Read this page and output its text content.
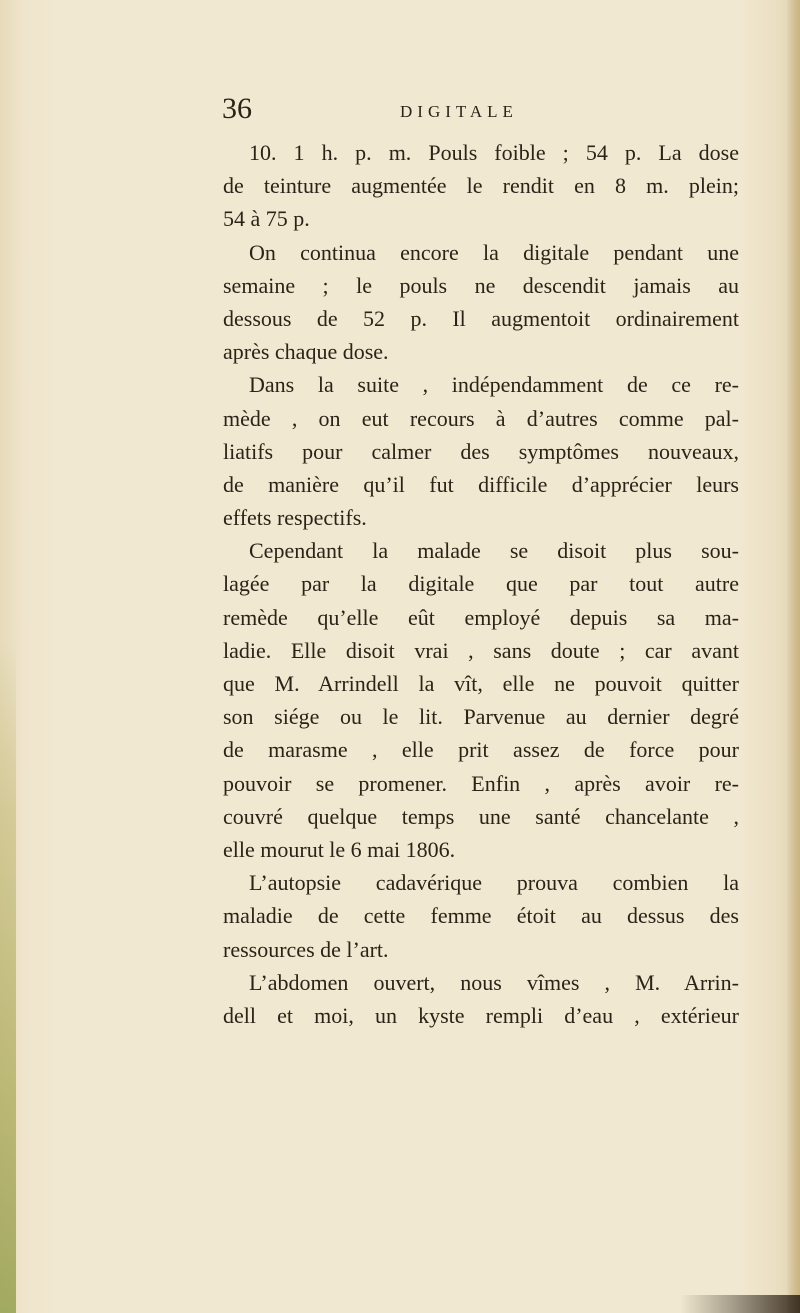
36	DIGITALE
10. 1 h. p. m. Pouls foible ; 54 p. La dose
de teinture augmentée le rendit en 8 m. plein;
54 à 75 p.
On continua encore la digitale pendant une
semaine ; le pouls ne descendit jamais au
dessous de 52 p. Il augmentoit ordinairement
après chaque dose.
Dans la suite , indépendamment de ce re-
mède , on eut recours à d’autres comme pal-
liatifs pour calmer des symptômes nouveaux,
de manière qu’il fut difficile d’apprécier leurs
effets respectifs.
Cependant la malade se disoit plus sou-
lagée par la digitale que par tout autre
remède qu’elle eût employé depuis sa ma-
ladie. Elle disoit vrai , sans doute ; car avant
que M. Arrindell la vît, elle ne pouvoit quitter
son siége ou le lit. Parvenue au dernier degré
de marasme , elle prit assez de force pour
pouvoir se promener. Enfin , après avoir re-
couvré quelque temps une santé chancelante ,
elle mourut le 6 mai 1806.
L’autopsie cadavérique prouva combien la
maladie de cette femme étoit au dessus des
ressources de l’art.
L’abdomen ouvert, nous vîmes , M. Arrin-
dell et moi, un kyste rempli d’eau , extérieur
